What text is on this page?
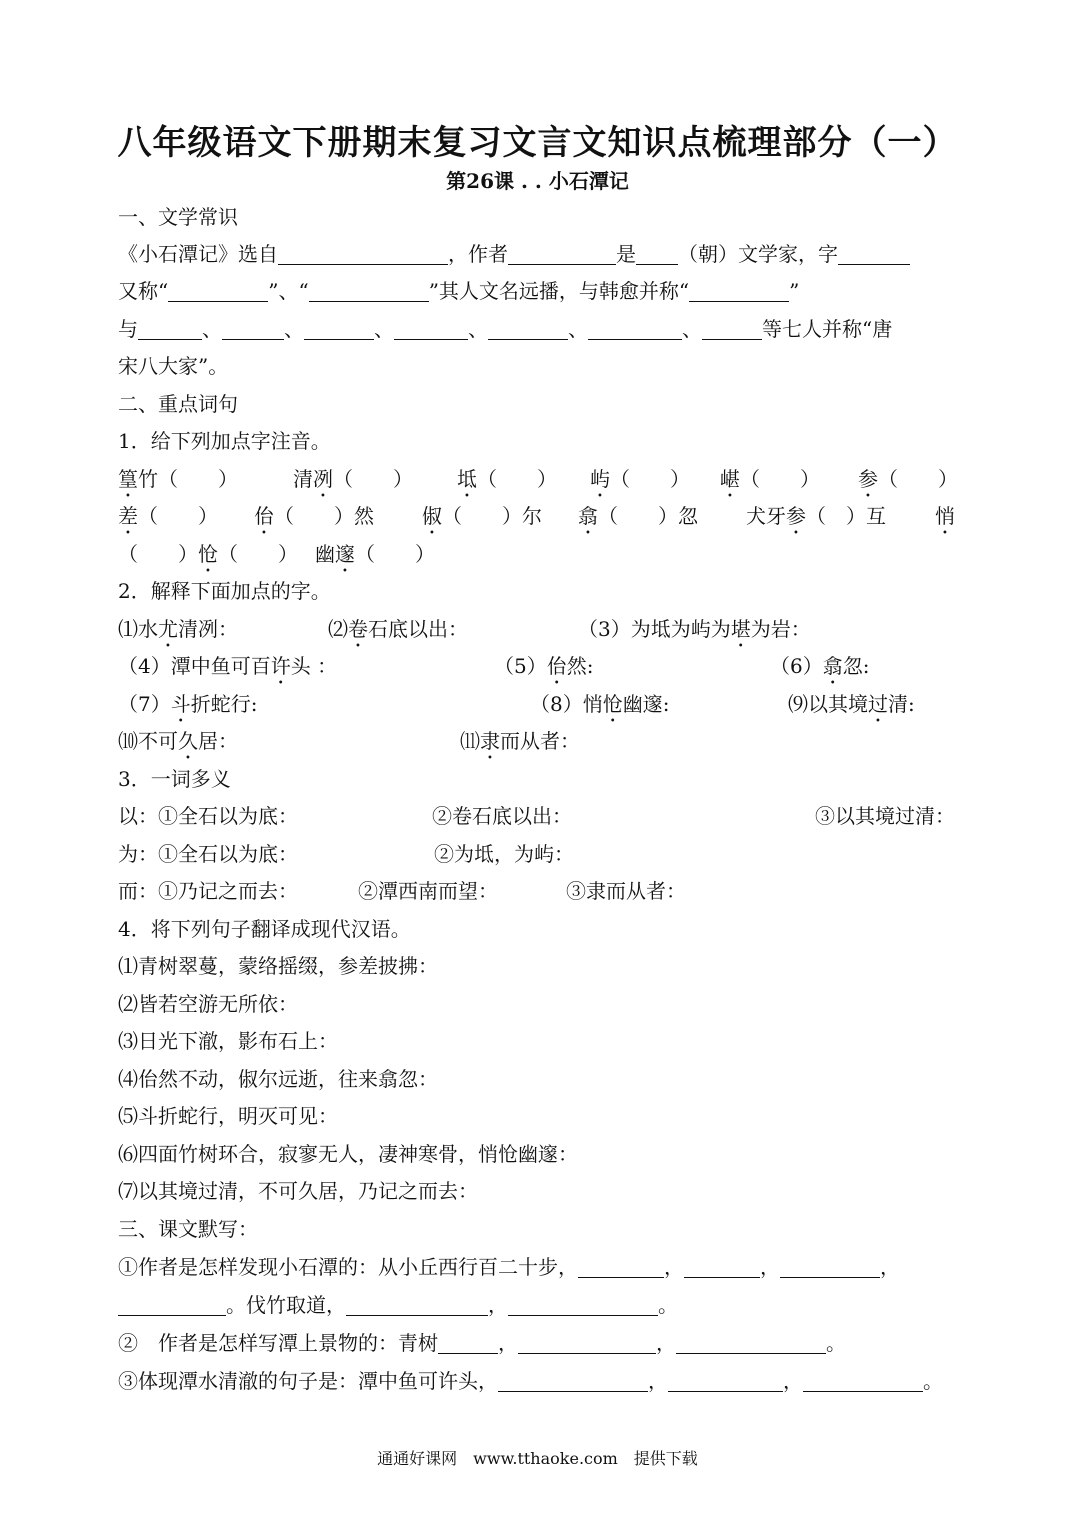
八年级语文下册期末复习文言文知识点梳理部分（一）
第26课 . . 小石潭记
一、文学常识
《小石潭记》选自	，作者	是 （朝）文学家，字
又称“	”、“	”其人文名远播，与韩愈并称“	”
与	、	、	、	、	、	、	等七人并称“唐
宋八大家”。
二、重点词句
1．给下列加点字注音。
篁竹（　　）	清冽（　　） 坻（　　） 屿（　　） 嵁（　　） 参（　　）
差（　　） 佁（　　）然 俶（　　）尔 翕（　　）忽 犬牙参（　）互 悄
（　　）怆（　　） 幽邃（　　）
2．解释下面加点的字。
⑴水尤清冽：	⑵卷石底以出：	（3）为坻为屿为堪为岩：
（4）潭中鱼可百许头 ：	（5）佁然:	（6）翕忽:
（7）斗折蛇行:	（8）悄怆幽邃:	⑼以其境过清:
⑽不可久居：	⑾隶而从者：
3．一词多义
以：①全石以为底：	②卷石底以出：	③以其境过清：
为：①全石以为底：	②为坻，为屿：
而：①乃记之而去：	②潭西南而望：	③隶而从者：
4．将下列句子翻译成现代汉语。
⑴青树翠蔓，蒙络摇缀，参差披拂：
⑵皆若空游无所依：
⑶日光下澈，影布石上：
⑷佁然不动，俶尔远逝，往来翕忽：
⑸斗折蛇行，明灭可见：
⑹四面竹树环合，寂寥无人，凄神寒骨，悄怆幽邃：
⑺以其境过清，不可久居，乃记之而去：
三、课文默写：
①作者是怎样发现小石潭的：从小丘西行百二十步，	，	，	，
。伐竹取道，	，	。
②　作者是怎样写潭上景物的：青树	，	，	。
③体现潭水清澈的句子是：潭中鱼可许头，	，	，	。
通通好课网　www.tthaoke.com　提供下载
